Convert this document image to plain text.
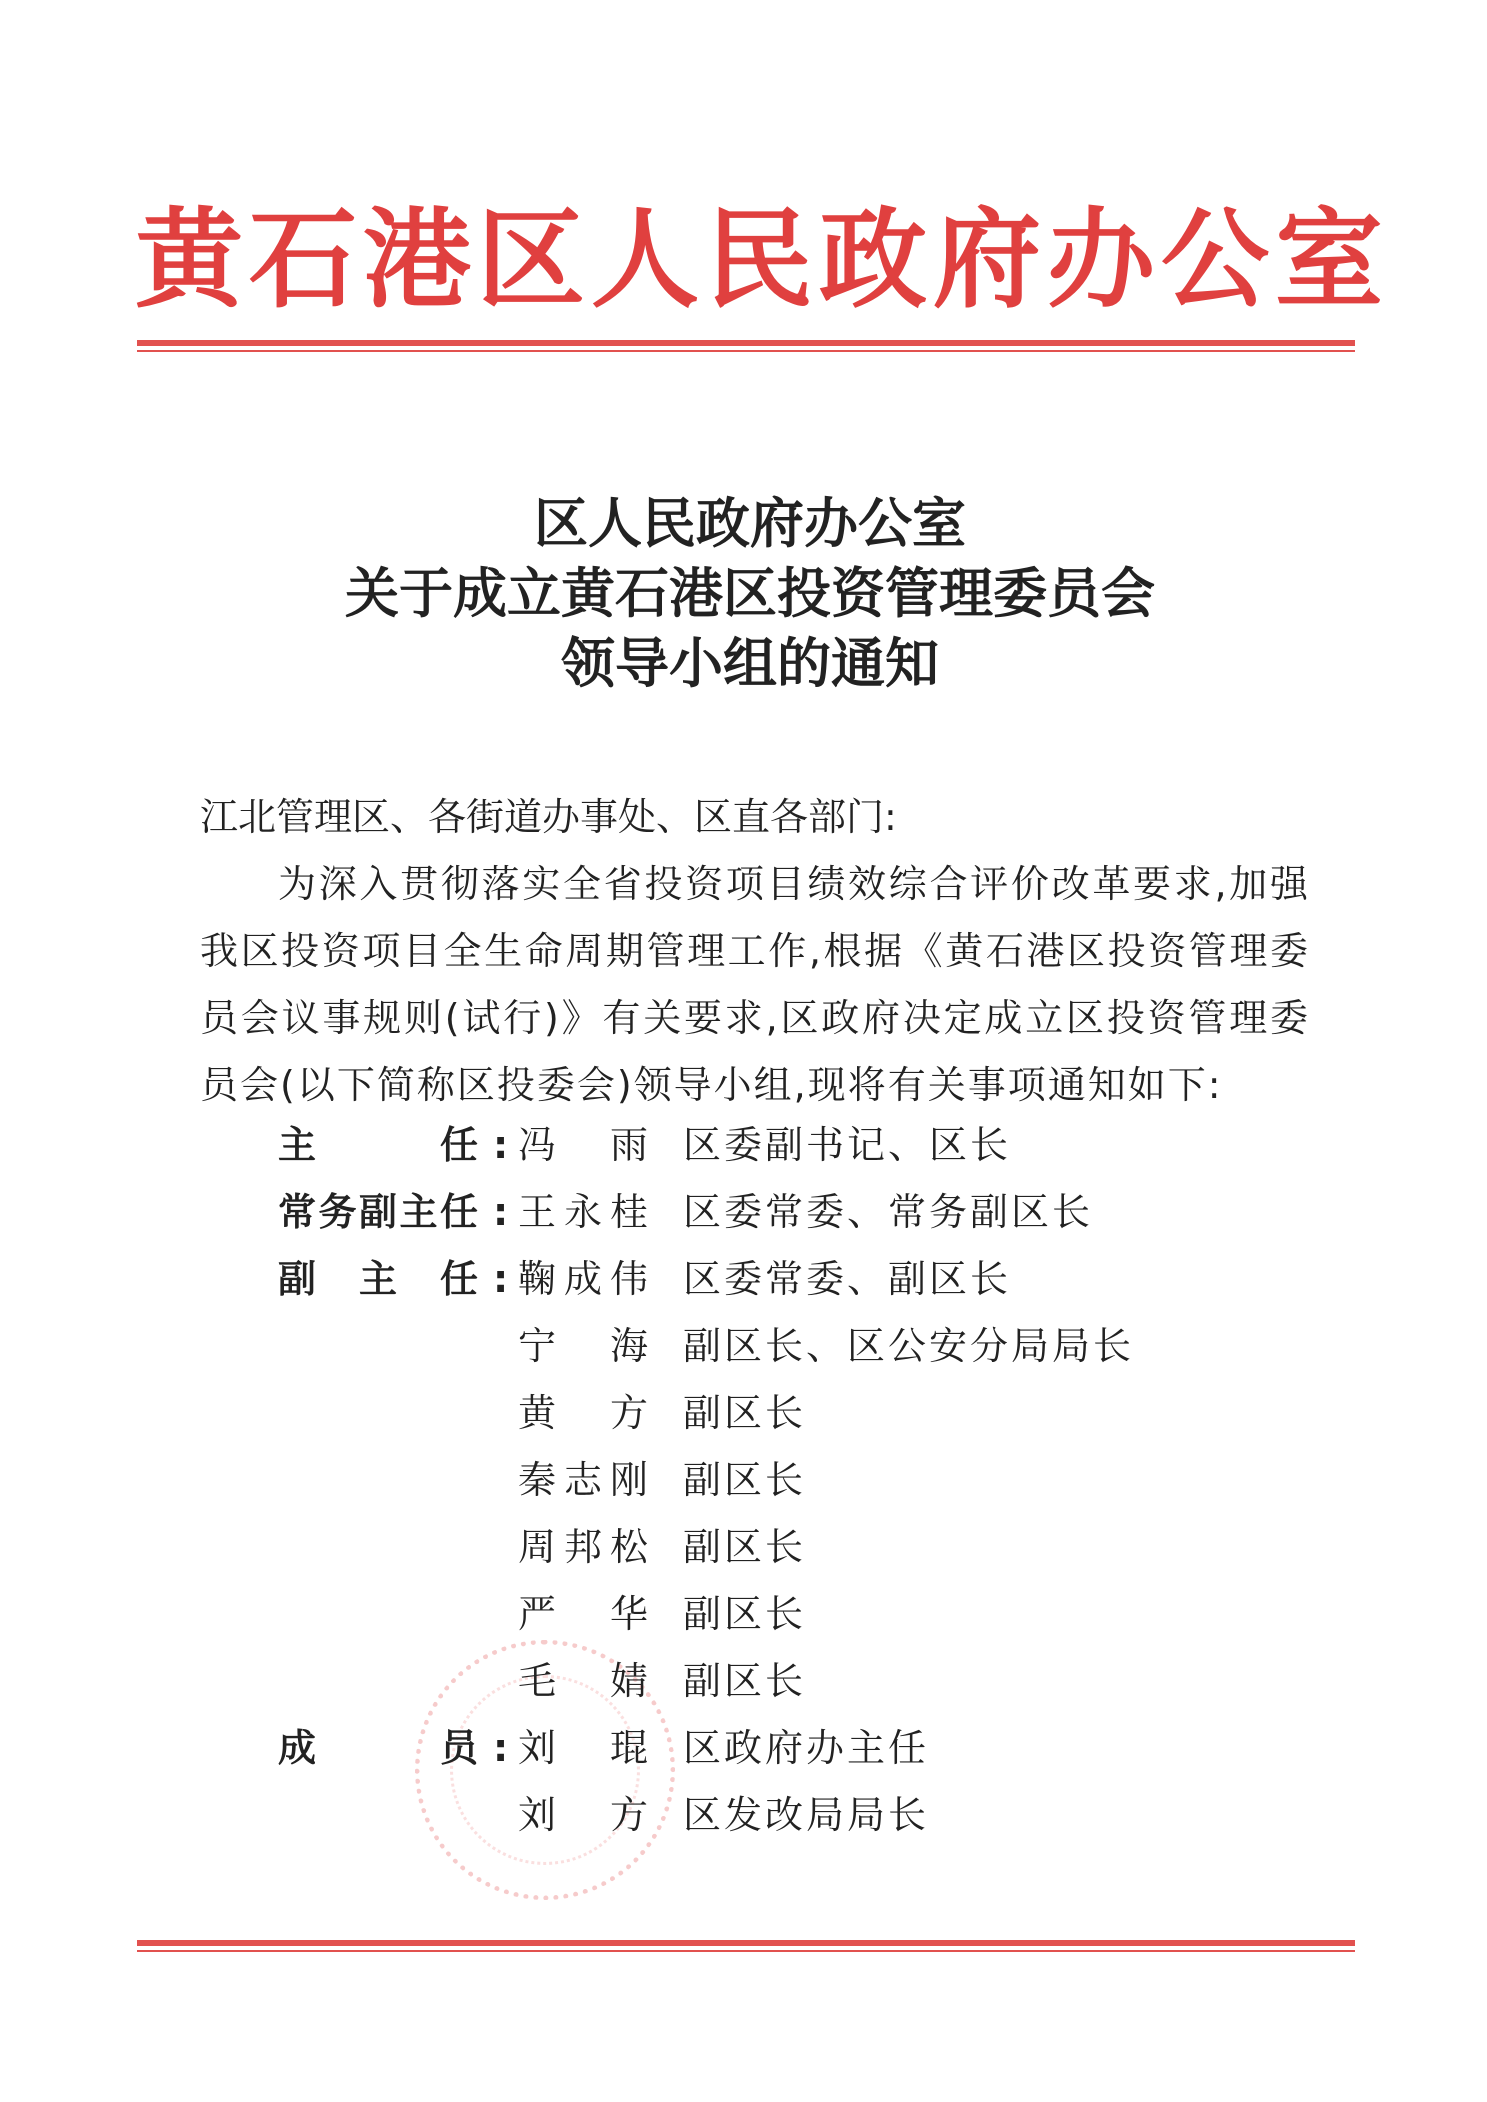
黄石港区人民政府办公室
区人民政府办公室
关于成立黄石港区投资管理委员会
领导小组的通知
江北管理区、各街道办事处、区直各部门:
为深入贯彻落实全省投资项目绩效综合评价改革要求,加强我区投资项目全生命周期管理工作,根据《黄石港区投资管理委员会议事规则(试行)》有关要求,区政府决定成立区投资管理委员会(以下简称区投委会)领导小组,现将有关事项通知如下:
主 任 : 冯 雨 区委副书记、区长
常务副主任 : 王永桂 区委常委、常务副区长
副 主 任 : 鞠成伟 区委常委、副区长
宁 海 副区长、区公安分局局长
黄 方 副区长
秦志刚 副区长
周邦松 副区长
严 华 副区长
毛 婧 副区长
成 员 : 刘 琨 区政府办主任
刘 方 区发改局局长
